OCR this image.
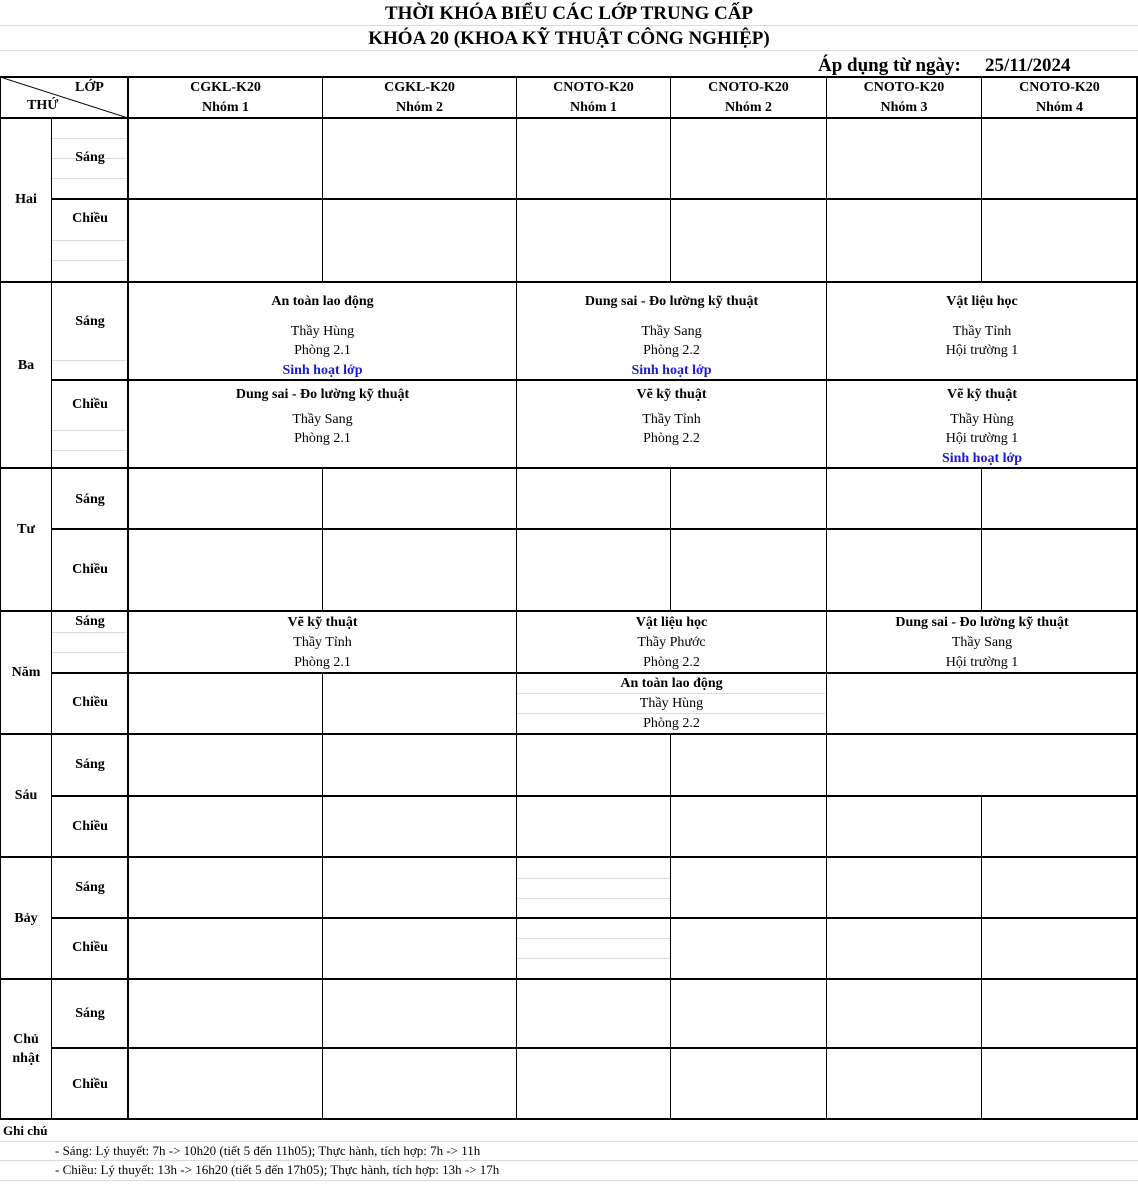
THỜI KHÓA BIỂU CÁC LỚP TRUNG CẤP
KHÓA 20 (KHOA KỸ THUẬT CÔNG NGHIỆP)
Áp dụng từ ngày: 25/11/2024
LỚP
THỨ
CGKL-K20
Nhóm 1
CGKL-K20
Nhóm 2
CNOTO-K20
Nhóm 1
CNOTO-K20
Nhóm 2
CNOTO-K20
Nhóm 3
CNOTO-K20
Nhóm 4
Hai
Ba
Tư
Năm
Sáu
Bảy
Chủ
nhật
Sáng
Chiều
Sáng
Chiều
Sáng
Chiều
Sáng
Chiều
Sáng
Chiều
Sáng
Chiều
Sáng
Chiều
An toàn lao động
Thầy Hùng
Phòng 2.1
Sinh hoạt lớp
Dung sai - Đo lường kỹ thuật
Thầy Sang
Phòng 2.2
Sinh hoạt lớp
Vật liệu học
Thầy Tỉnh
Hội trường 1
Dung sai - Đo lường kỹ thuật
Thầy Sang
Phòng 2.1
Vẽ kỹ thuật
Thầy Tỉnh
Phòng 2.2
Vẽ kỹ thuật
Thầy Hùng
Hội trường 1
Sinh hoạt lớp
Vẽ kỹ thuật
Thầy Tỉnh
Phòng 2.1
Vật liệu học
Thầy Phước
Phòng 2.2
Dung sai - Đo lường kỹ thuật
Thầy Sang
Hội trường 1
An toàn lao động
Thầy Hùng
Phòng 2.2
Ghi chú
- Sáng: Lý thuyết: 7h -> 10h20 (tiết 5 đến 11h05); Thực hành, tích hợp: 7h -> 11h
- Chiều: Lý thuyết: 13h -> 16h20 (tiết 5 đến 17h05); Thực hành, tích hợp: 13h -> 17h
